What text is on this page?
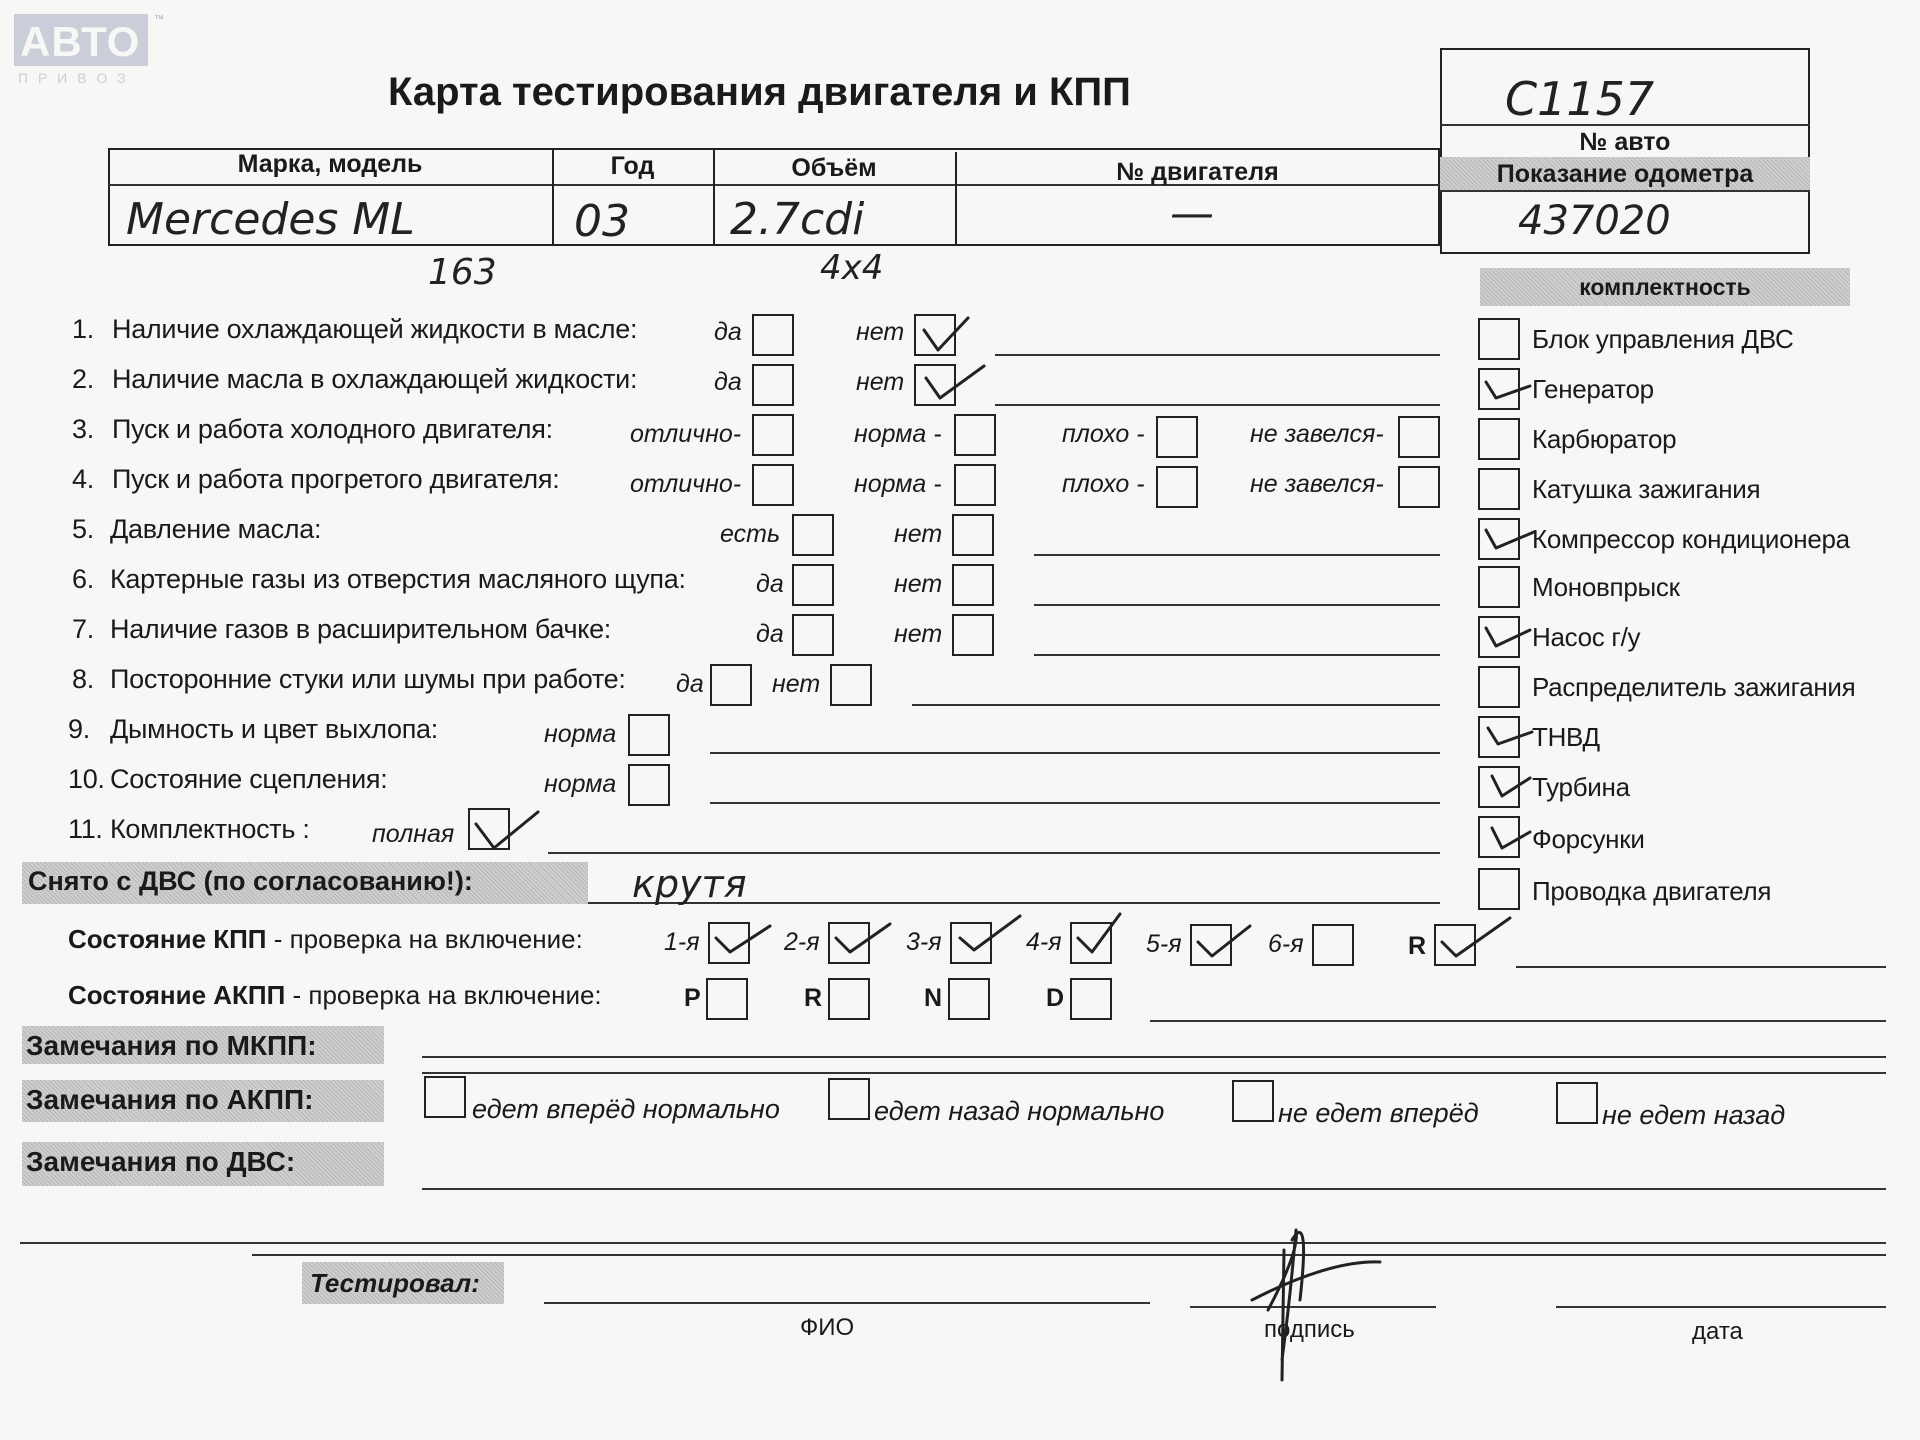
АВТО ™
П Р И В О З	Карта тестирования двигателя и КПП	С1157
№ авто
Марка, модель	Год	Объём	№ двигателя	Показание одометра
Mercedes ML	03 2.7cdi	—	437020
163	4x4	комплектность
1. Наличие охлаждающей жидкости в масле:	да	нет
2. Наличие масла в охлаждающей жидкости:	да	нет
3. Пуск и работа холодного двигателя:	отлично-	норма -	плохо -	не завелся-
4. Пуск и работа прогретого двигателя:	отлично-	норма -	плохо -	не завелся-
5. Давление масла:	есть	нет
6. Картерные газы из отверстия масляного щупа:	да	нет
7. Наличие газов в расширительном бачке:	да	нет
8. Посторонние стуки или шумы при работе: да	нет
9. Дымность и цвет выхлопа:	норма
10. Состояние сцепления:	норма
11. Комплектность : полная
Блок управления ДВС
Генератор
Карбюратор
Катушка зажигания
Компрессор кондиционера
Моновпрыск
Насос г/у
Распределитель зажигания
ТНВД
Турбина
Форсунки
Проводка двигателя
Снято с ДВС (по согласованию!):	крутя
Состояние КПП - проверка на включение:	1-я	2-я	3-я	4-я	5-я	6-я	R
Состояние АКПП - проверка на включение:	P	R	N	D
Замечания по МКПП:
Замечания по АКПП:	едет вперёд нормально	едет назад нормально	не едет вперёд	не едет назад
Замечания по ДВС:
Тестировал:
ФИО	подпись	дата
